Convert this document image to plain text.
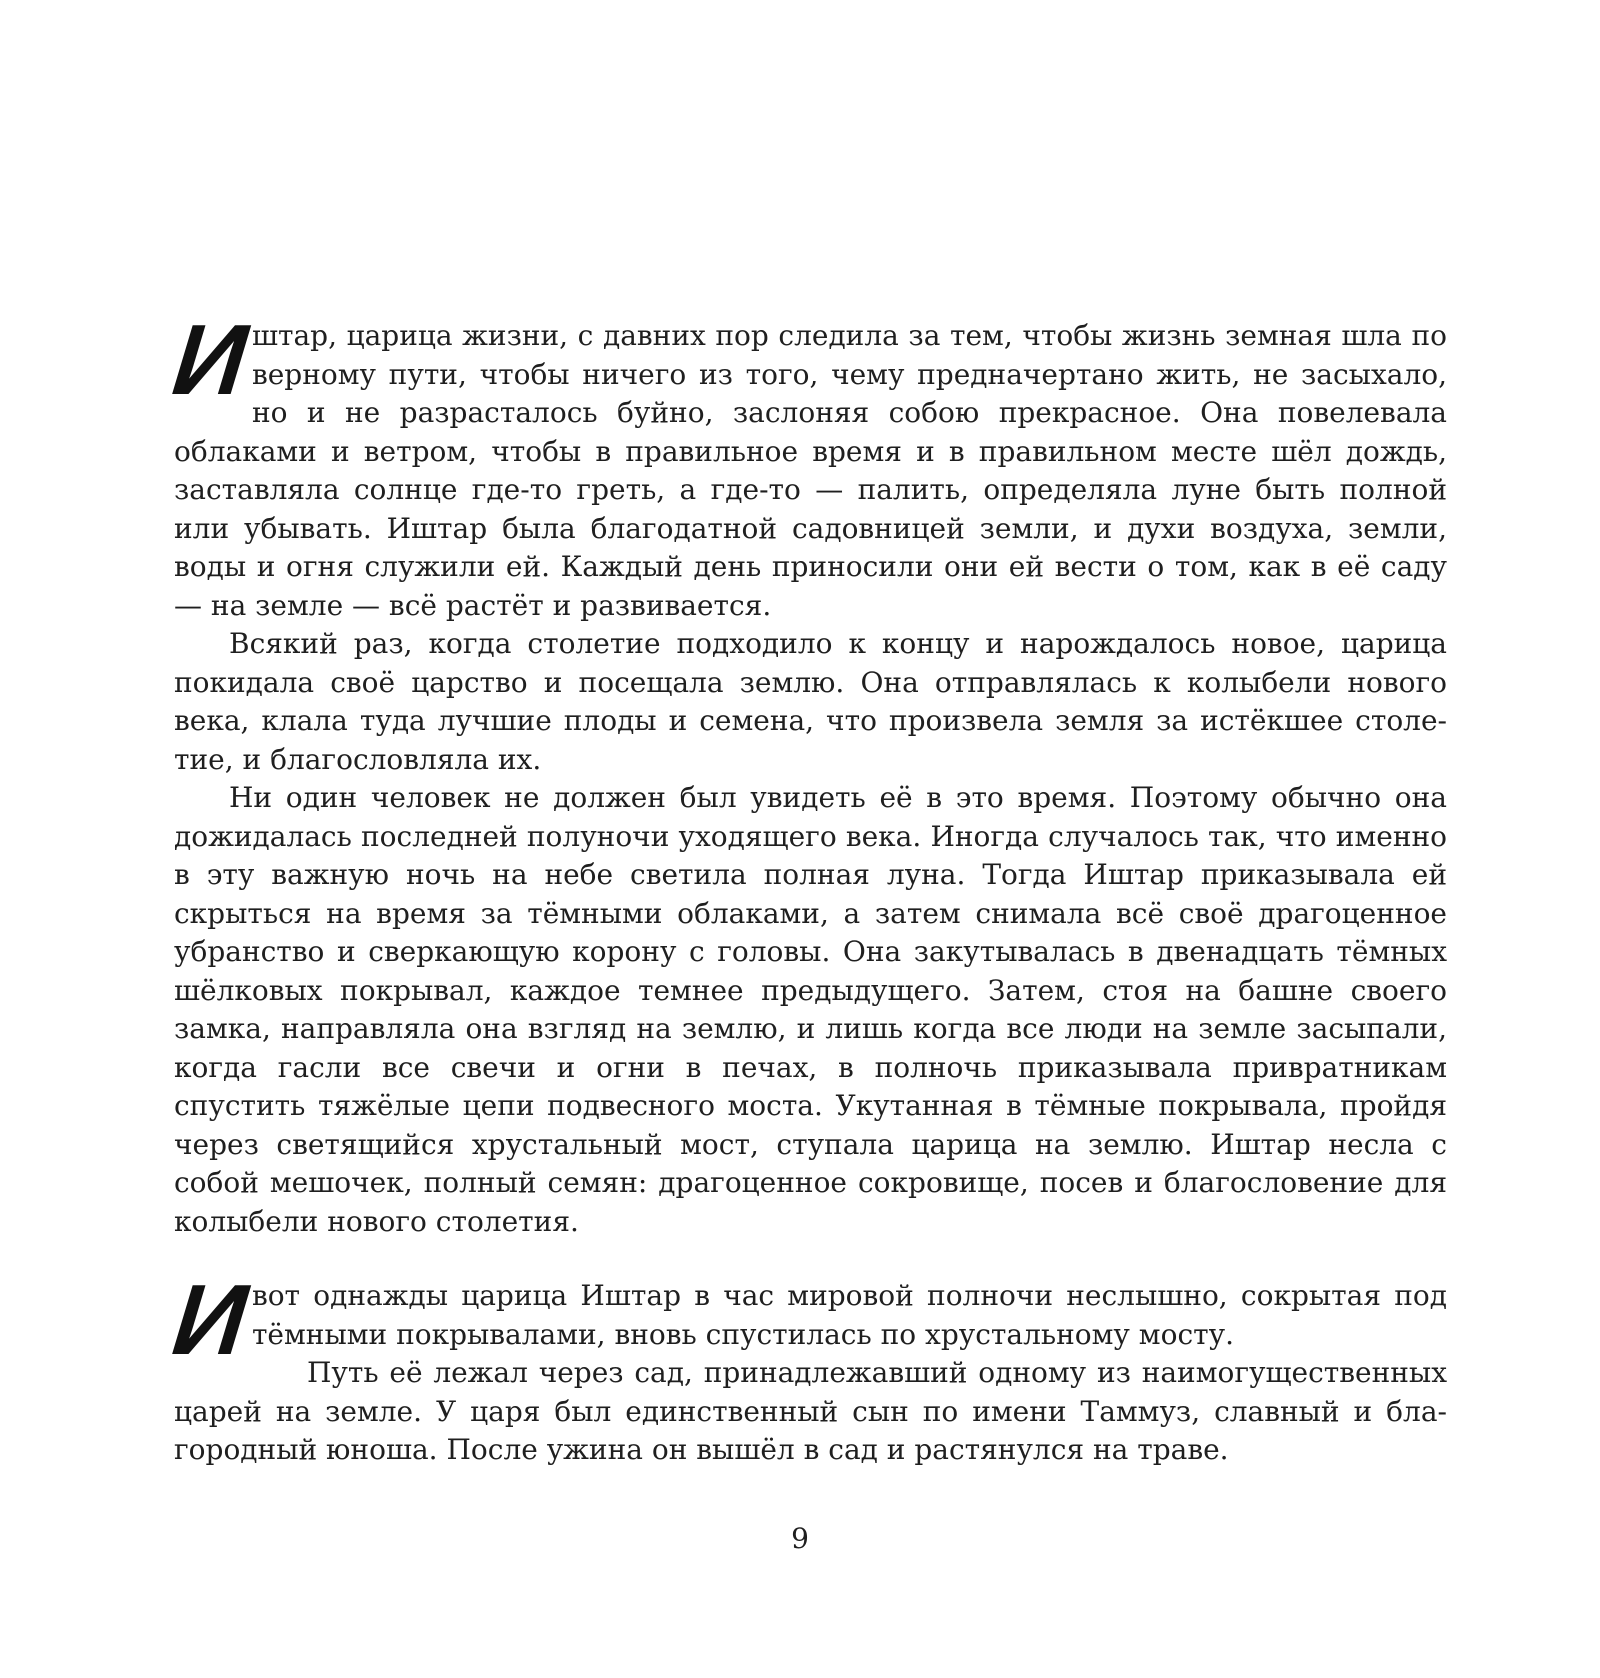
И штар, царица жизни, с давних пор следила за тем, чтобы жизнь земная шла по верному пути, чтобы ничего из того, чему предначертано жить, не засыхало, но и не разрасталось буйно, заслоняя собою прекрасное. Она повелевала облаками и ветром, чтобы в правильное время и в правильном месте шёл дождь, заставляла солнце где-то греть, а где-то — палить, определяла луне быть полной или убывать. Иштар была благодатной садовницей земли, и духи воздуха, земли, воды и огня служили ей. Каждый день приносили они ей вести о том, как в её саду — на земле — всё растёт и развивается.

Всякий раз, когда столетие подходило к концу и нарождалось новое, царица покидала своё царство и посещала землю. Она отправлялась к колыбели нового века, клала туда лучшие плоды и семена, что произвела земля за истёкшее столетие, и благословляла их.

Ни один человек не должен был увидеть её в это время. Поэтому обычно она дожидалась последней полуночи уходящего века. Иногда случалось так, что именно в эту важную ночь на небе светила полная луна. Тогда Иштар приказывала ей скрыться на время за тёмными облаками, а затем снимала всё своё драгоценное убранство и сверкающую корону с головы. Она закутывалась в двенадцать тёмных шёлковых покрывал, каждое темнее предыдущего. Затем, стоя на башне своего замка, направляла она взгляд на землю, и лишь когда все люди на земле засыпали, когда гасли все свечи и огни в печах, в полночь приказывала привратникам спустить тяжёлые цепи подвесного моста. Укутанная в тёмные покрывала, пройдя через светящийся хрустальный мост, ступала царица на землю. Иштар несла с собой мешочек, полный семян: драгоценное сокровище, посев и благословение для колыбели нового столетия.

И вот однажды царица Иштар в час мировой полночи неслышно, сокрытая под тёмными покрывалами, вновь спустилась по хрустальному мосту.

Путь её лежал через сад, принадлежавший одному из наимогущественных царей на земле. У царя был единственный сын по имени Таммуз, славный и благородный юноша. После ужина он вышёл в сад и растянулся на траве.

9
